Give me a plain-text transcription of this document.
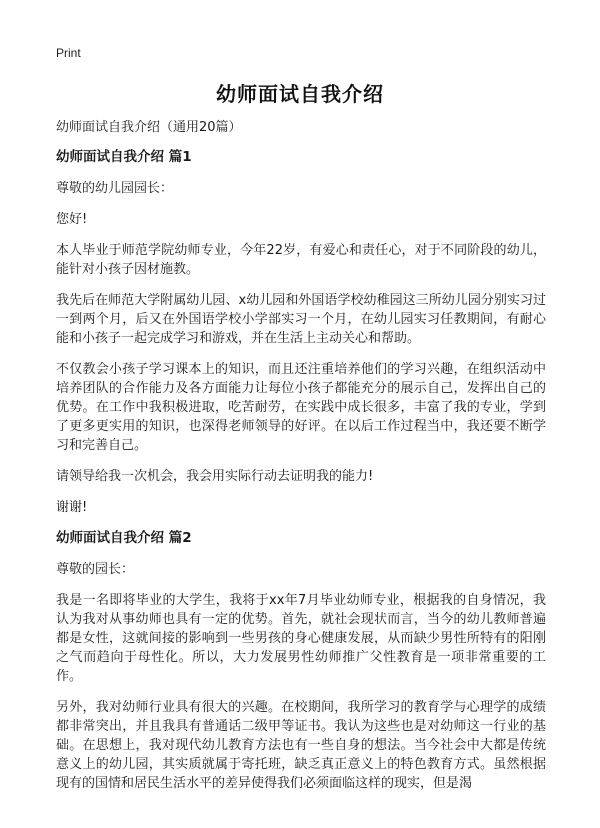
Print
幼师面试自我介绍
幼师面试自我介绍（通用20篇）
幼师面试自我介绍 篇1
尊敬的幼儿园园长：
您好!
本人毕业于师范学院幼师专业，今年22岁，有爱心和责任心，对于不同阶段的幼儿，能针对小孩子因材施教。
我先后在师范大学附属幼儿园、x幼儿园和外国语学校幼稚园这三所幼儿园分别实习过一到两个月，后又在外国语学校小学部实习一个月，在幼儿园实习任教期间，有耐心能和小孩子一起完成学习和游戏，并在生活上主动关心和帮助。
不仅教会小孩子学习课本上的知识，而且还注重培养他们的学习兴趣，在组织活动中培养团队的合作能力及各方面能力让每位小孩子都能充分的展示自己，发挥出自己的优势。在工作中我积极进取，吃苦耐劳，在实践中成长很多，丰富了我的专业，学到了更多更实用的知识，也深得老师领导的好评。在以后工作过程当中，我还要不断学习和完善自己。
请领导给我一次机会，我会用实际行动去证明我的能力!
谢谢!
幼师面试自我介绍 篇2
尊敬的园长：
我是一名即将毕业的大学生，我将于xx年7月毕业幼师专业，根据我的自身情况，我认为我对从事幼师也具有一定的优势。首先，就社会现状而言，当今的幼儿教师普遍都是女性，这就间接的影响到一些男孩的身心健康发展，从而缺少男性所特有的阳刚之气而趋向于母性化。所以，大力发展男性幼师推广父性教育是一项非常重要的工作。
另外，我对幼师行业具有很大的兴趣。在校期间，我所学习的教育学与心理学的成绩都非常突出，并且我具有普通话二级甲等证书。我认为这些也是对幼师这一行业的基础。在思想上，我对现代幼儿教育方法也有一些自身的想法。当今社会中大都是传统意义上的幼儿园，其实质就属于寄托班，缺乏真正意义上的特色教育方式。虽然根据现有的国情和居民生活水平的差异使得我们必须面临这样的现实，但是渴
